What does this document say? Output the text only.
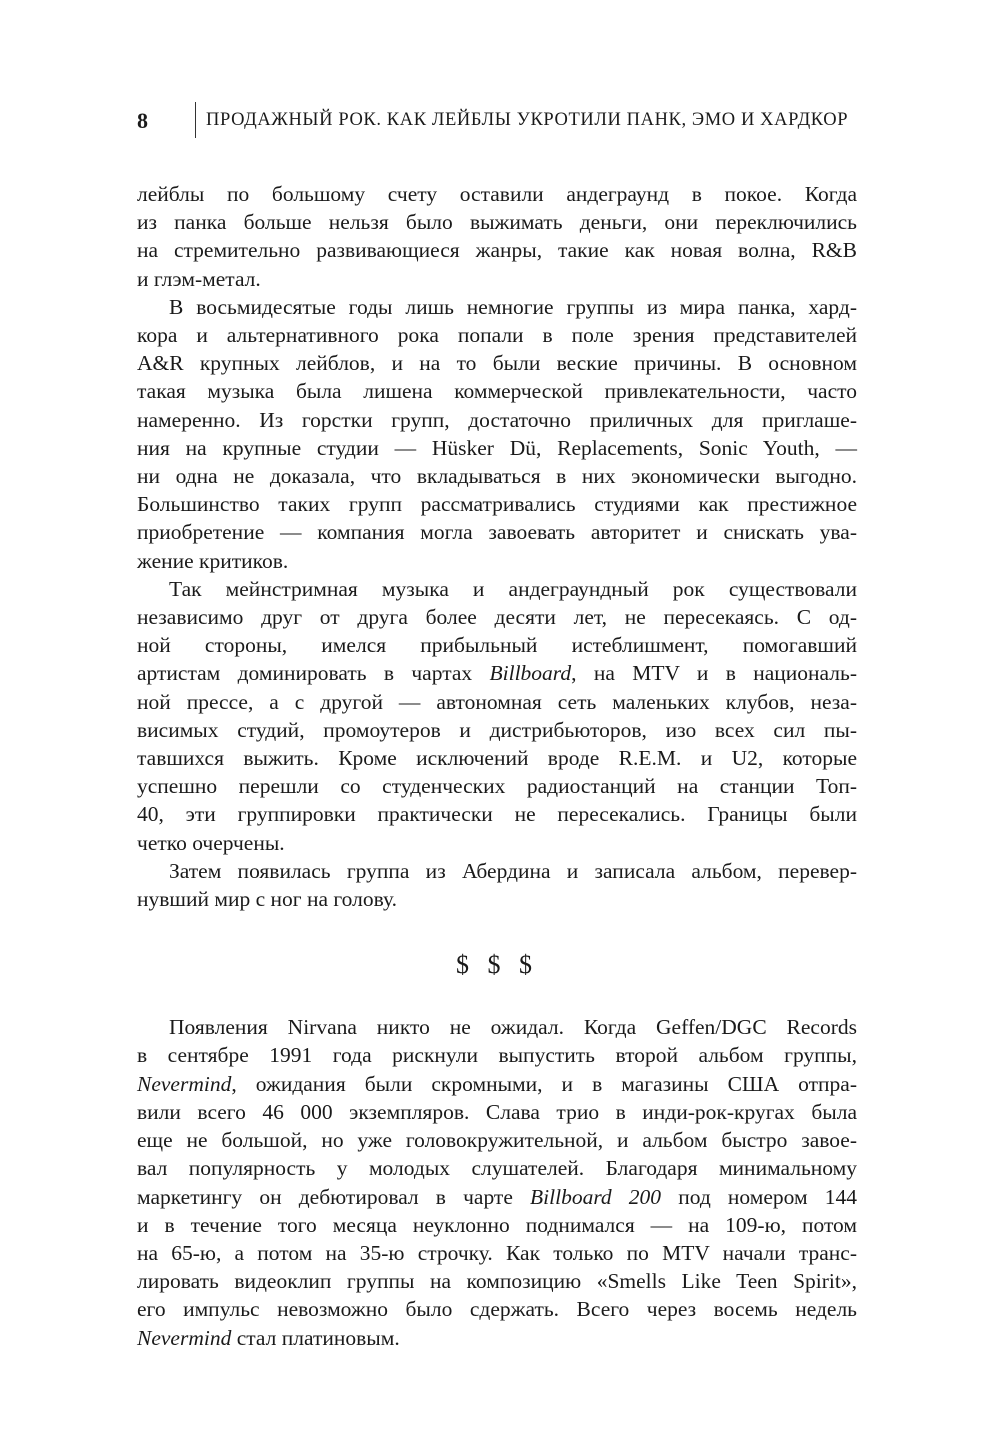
8	ПРОДАЖНЫЙ РОК. КАК ЛЕЙБЛЫ УКРОТИЛИ ПАНК, ЭМО И ХАРДКОР

лейблы по большому счету оставили андеграунд в покое. Когда
из панка больше нельзя было выжимать деньги, они переключились
на стремительно развивающиеся жанры, такие как новая волна, R&B
и глэм-метал.

В восьмидесятые годы лишь немногие группы из мира панка, хард-
кора и альтернативного рока попали в поле зрения представителей
A&R крупных лейблов, и на то были веские причины. В основном
такая музыка была лишена коммерческой привлекательности, часто
намеренно. Из горстки групп, достаточно приличных для приглаше-
ния на крупные студии — Hüsker Dü, Replacements, Sonic Youth, —
ни одна не доказала, что вкладываться в них экономически выгодно.
Большинство таких групп рассматривались студиями как престижное
приобретение — компания могла завоевать авторитет и снискать ува-
жение критиков.

Так мейнстримная музыка и андеграундный рок существовали
независимо друг от друга более десяти лет, не пересекаясь. С од-
ной стороны, имелся прибыльный истеблишмент, помогавший
артистам доминировать в чартах Billboard, на MTV и в националь-
ной прессе, а с другой — автономная сеть маленьких клубов, неза-
висимых студий, промоутеров и дистрибьюторов, изо всех сил пы-
тавшихся выжить. Кроме исключений вроде R.E.M. и U2, которые
успешно перешли со студенческих радиостанций на станции Топ-
40, эти группировки практически не пересекались. Границы были
четко очерчены.

Затем появилась группа из Абердина и записала альбом, перевер-
нувший мир с ног на голову.

$ $ $

Появления Nirvana никто не ожидал. Когда Geffen/DGC Records
в сентябре 1991 года рискнули выпустить второй альбом группы,
Nevermind, ожидания были скромными, и в магазины США отпра-
вили всего 46 000 экземпляров. Слава трио в инди-рок-кругах была
еще не большой, но уже головокружительной, и альбом быстро завое-
вал популярность у молодых слушателей. Благодаря минимальному
маркетингу он дебютировал в чарте Billboard 200 под номером 144
и в течение того месяца неуклонно поднимался — на 109-ю, потом
на 65-ю, а потом на 35-ю строчку. Как только по MTV начали транс-
лировать видеоклип группы на композицию «Smells Like Teen Spirit»,
его импульс невозможно было сдержать. Всего через восемь недель
Nevermind стал платиновым.
